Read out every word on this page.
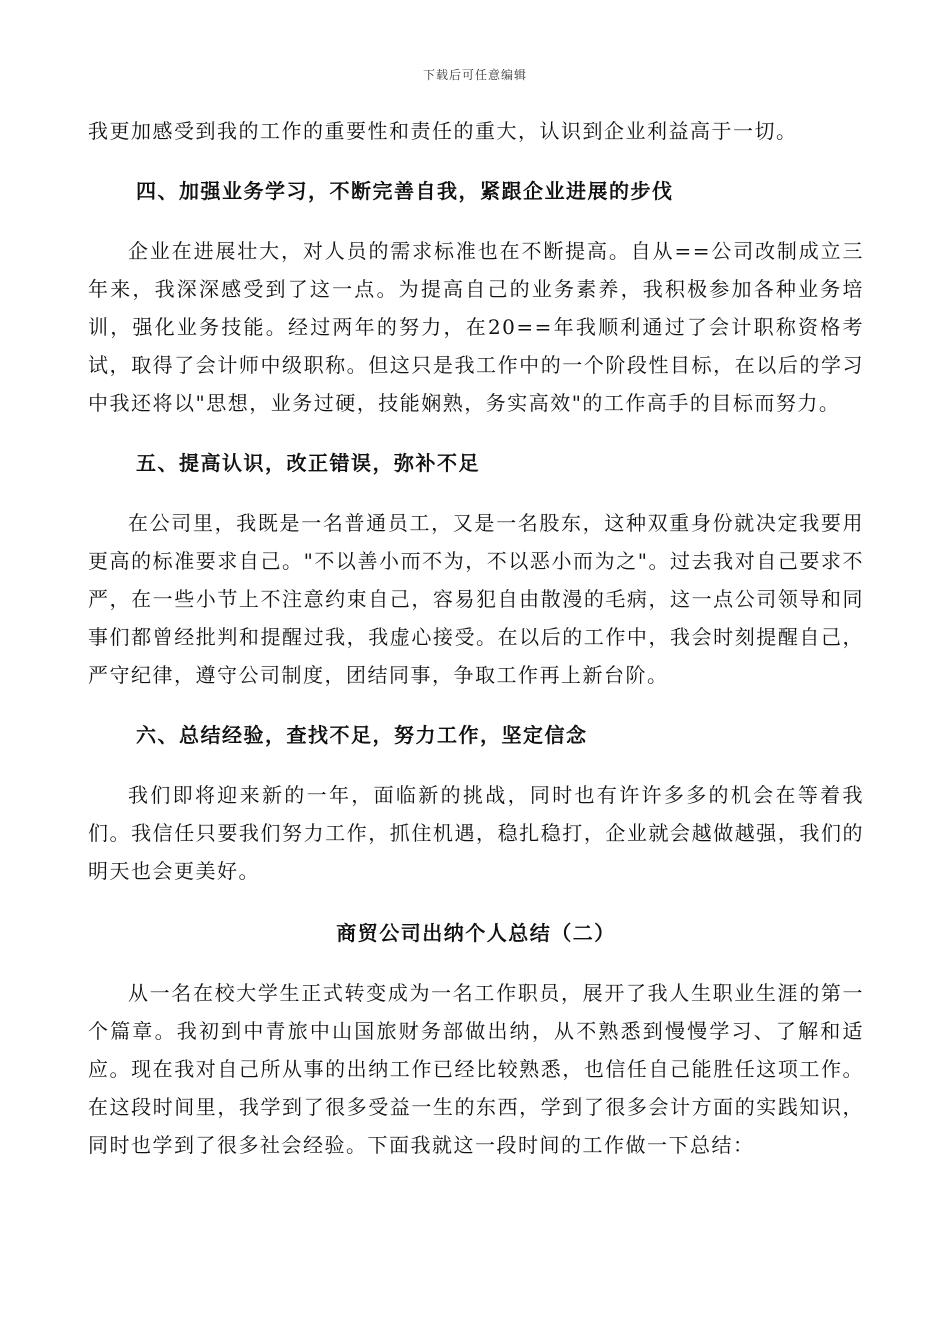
下载后可任意编辑

我更加感受到我的工作的重要性和责任的重大，认识到企业利益高于一切。

四、加强业务学习，不断完善自我，紧跟企业进展的步伐

企业在进展壮大，对人员的需求标准也在不断提高。自从==公司改制成立三年来，我深深感受到了这一点。为提高自己的业务素养，我积极参加各种业务培训，强化业务技能。经过两年的努力，在20==年我顺利通过了会计职称资格考试，取得了会计师中级职称。但这只是我工作中的一个阶段性目标，在以后的学习中我还将以"思想，业务过硬，技能娴熟，务实高效"的工作高手的目标而努力。

五、提高认识，改正错误，弥补不足

在公司里，我既是一名普通员工，又是一名股东，这种双重身份就决定我要用更高的标准要求自己。"不以善小而不为，不以恶小而为之"。过去我对自己要求不严，在一些小节上不注意约束自己，容易犯自由散漫的毛病，这一点公司领导和同事们都曾经批判和提醒过我，我虚心接受。在以后的工作中，我会时刻提醒自己，严守纪律，遵守公司制度，团结同事，争取工作再上新台阶。

六、总结经验，查找不足，努力工作，坚定信念

我们即将迎来新的一年，面临新的挑战，同时也有许许多多的机会在等着我们。我信任只要我们努力工作，抓住机遇，稳扎稳打，企业就会越做越强，我们的明天也会更美好。

商贸公司出纳个人总结（二）

从一名在校大学生正式转变成为一名工作职员，展开了我人生职业生涯的第一个篇章。我初到中青旅中山国旅财务部做出纳，从不熟悉到慢慢学习、了解和适应。现在我对自己所从事的出纳工作已经比较熟悉，也信任自己能胜任这项工作。在这段时间里，我学到了很多受益一生的东西，学到了很多会计方面的实践知识，同时也学到了很多社会经验。下面我就这一段时间的工作做一下总结：
